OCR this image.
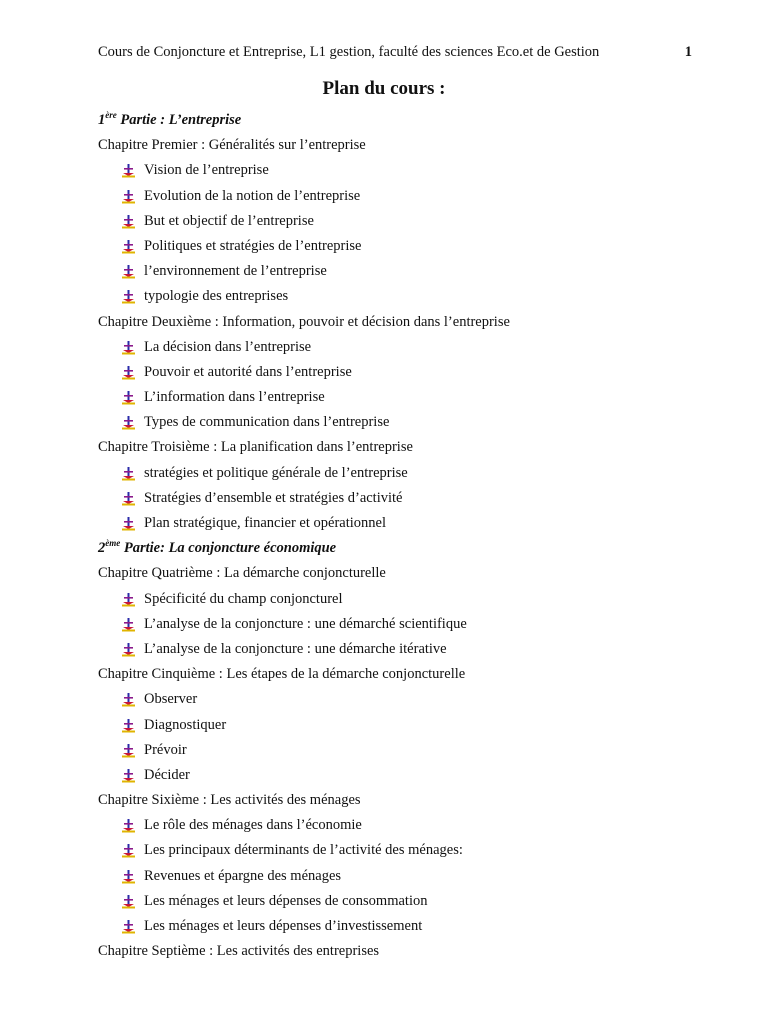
Cours de Conjoncture et Entreprise, L1 gestion, faculté des sciences Eco.et de Gestion	1
Plan du cours :
1ère Partie : L’entreprise
Chapitre Premier : Généralités sur l’entreprise
Vision de l’entreprise
Evolution de la notion de l’entreprise
But et objectif de l’entreprise
Politiques et stratégies de l’entreprise
l’environnement de l’entreprise
typologie des entreprises
Chapitre Deuxième : Information, pouvoir et décision dans l’entreprise
La décision dans l’entreprise
Pouvoir et autorité dans l’entreprise
L’information dans l’entreprise
Types de communication dans l’entreprise
Chapitre Troisième : La planification dans l’entreprise
stratégies et politique générale de l’entreprise
Stratégies d’ensemble et stratégies d’activité
Plan stratégique, financier et opérationnel
2ème Partie: La conjoncture économique
Chapitre Quatrième : La démarche conjoncturelle
Spécificité du champ conjoncturel
L’analyse de la conjoncture : une démarché scientifique
L’analyse de la conjoncture : une démarche itérative
Chapitre Cinquième : Les étapes de la démarche conjoncturelle
Observer
Diagnostiquer
Prévoir
Décider
Chapitre Sixième : Les activités des ménages
Le rôle des ménages dans l’économie
Les principaux déterminants de l’activité des ménages:
Revenues et épargne des ménages
Les ménages et leurs dépenses de consommation
Les ménages et leurs dépenses d’investissement
Chapitre Septième : Les activités des entreprises
